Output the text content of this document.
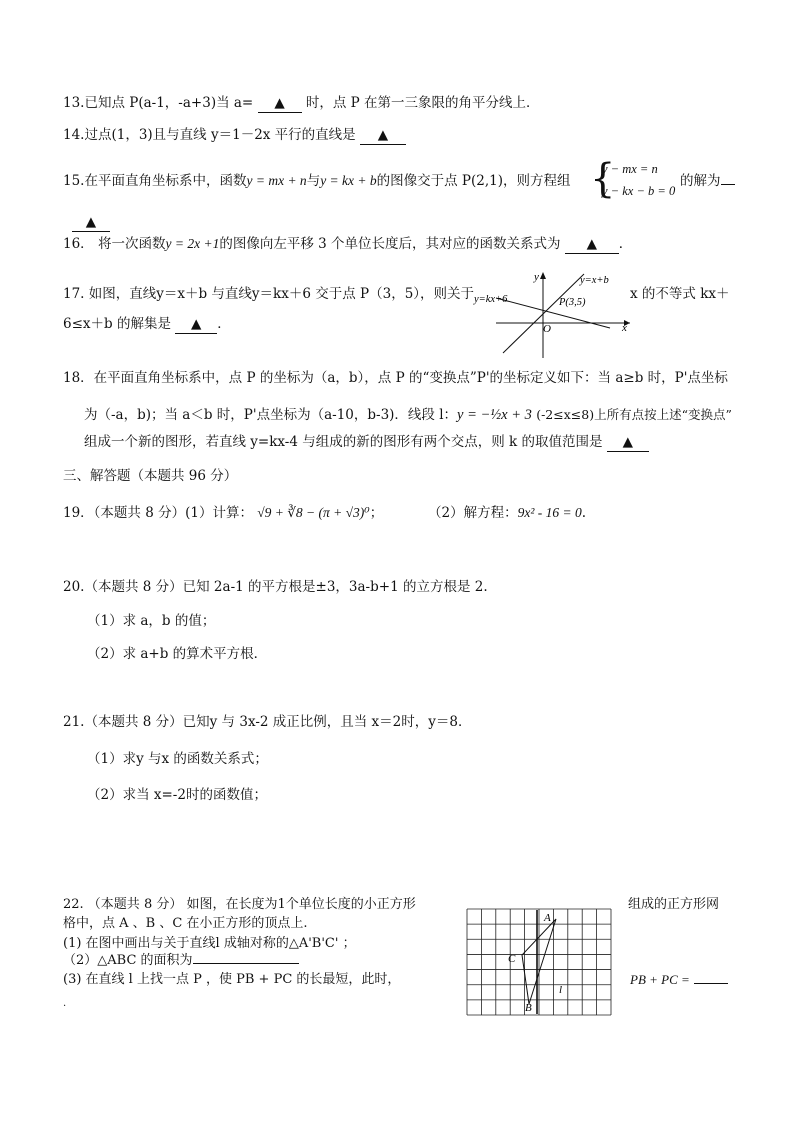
13.已知点 P(a-1，-a+3)当 a= ▲ 时，点 P 在第一三象限的角平分线上．
14.过点(1，3)且与直线 y＝1－2x 平行的直线是 ▲
15.在平面直角坐标系中，函数y = mx + n与y = kx + b的图像交于点 P(2,1)，则方程组 {
y − mx = n
y − kx − b = 0
的解为
▲
16． 将一次函数y = 2x +1的图像向左平移 3 个单位长度后，其对应的函数关系式为 ▲ ．
17. 如图，直线y＝x＋b 与直线y＝kx＋6 交于点 P（3，5），则关于	x 的不等式 kx＋
6≤x＋b 的解集是 ▲ ．
y
x
O
y=x+b
y=kx+6	P(3,5)
18．在平面直角坐标系中，点 P 的坐标为（a，b），点 P 的“变换点”P'的坐标定义如下：当 a≥b 时，P'点坐标
为（-a，b)；当 a＜b 时，P'点坐标为（a-10，b-3)．线段 l：y = −½x + 3 (-2≤x≤8)上所有点按上述“变换点”
组成一个新的图形，若直线 y=kx-4 与组成的新的图形有两个交点，则 k 的取值范围是 ▲
三、解答题（本题共 96 分）
19．（本题共 8 分）(1）计算： √9 + ∛8 − (π + √3)⁰；	（2）解方程：9x² - 16 = 0.
20.（本题共 8 分）已知 2a-1 的平方根是±3，3a-b+1 的立方根是 2.
（1）求 a，b 的值；
（2）求 a+b 的算术平方根．
21.（本题共 8 分）已知y 与 3x-2 成正比例，且当 x＝2时，y＝8．
（1）求y 与x 的函数关系式；
（2）求当 x=-2时的函数值；
22. （本题共 8 分） 如图，在长度为1个单位长度的小正方形	组成的正方形网
格中，点 A 、B 、C 在小正方形的顶点上.
(1) 在图中画出与关于直线l 成轴对称的△A'B'C' ；
（2）△ABC 的面积为
(3) 在直线 l 上找一点 P ，使 PB + PC 的长最短，此时，	PB + PC =
.
A
B
C
l
